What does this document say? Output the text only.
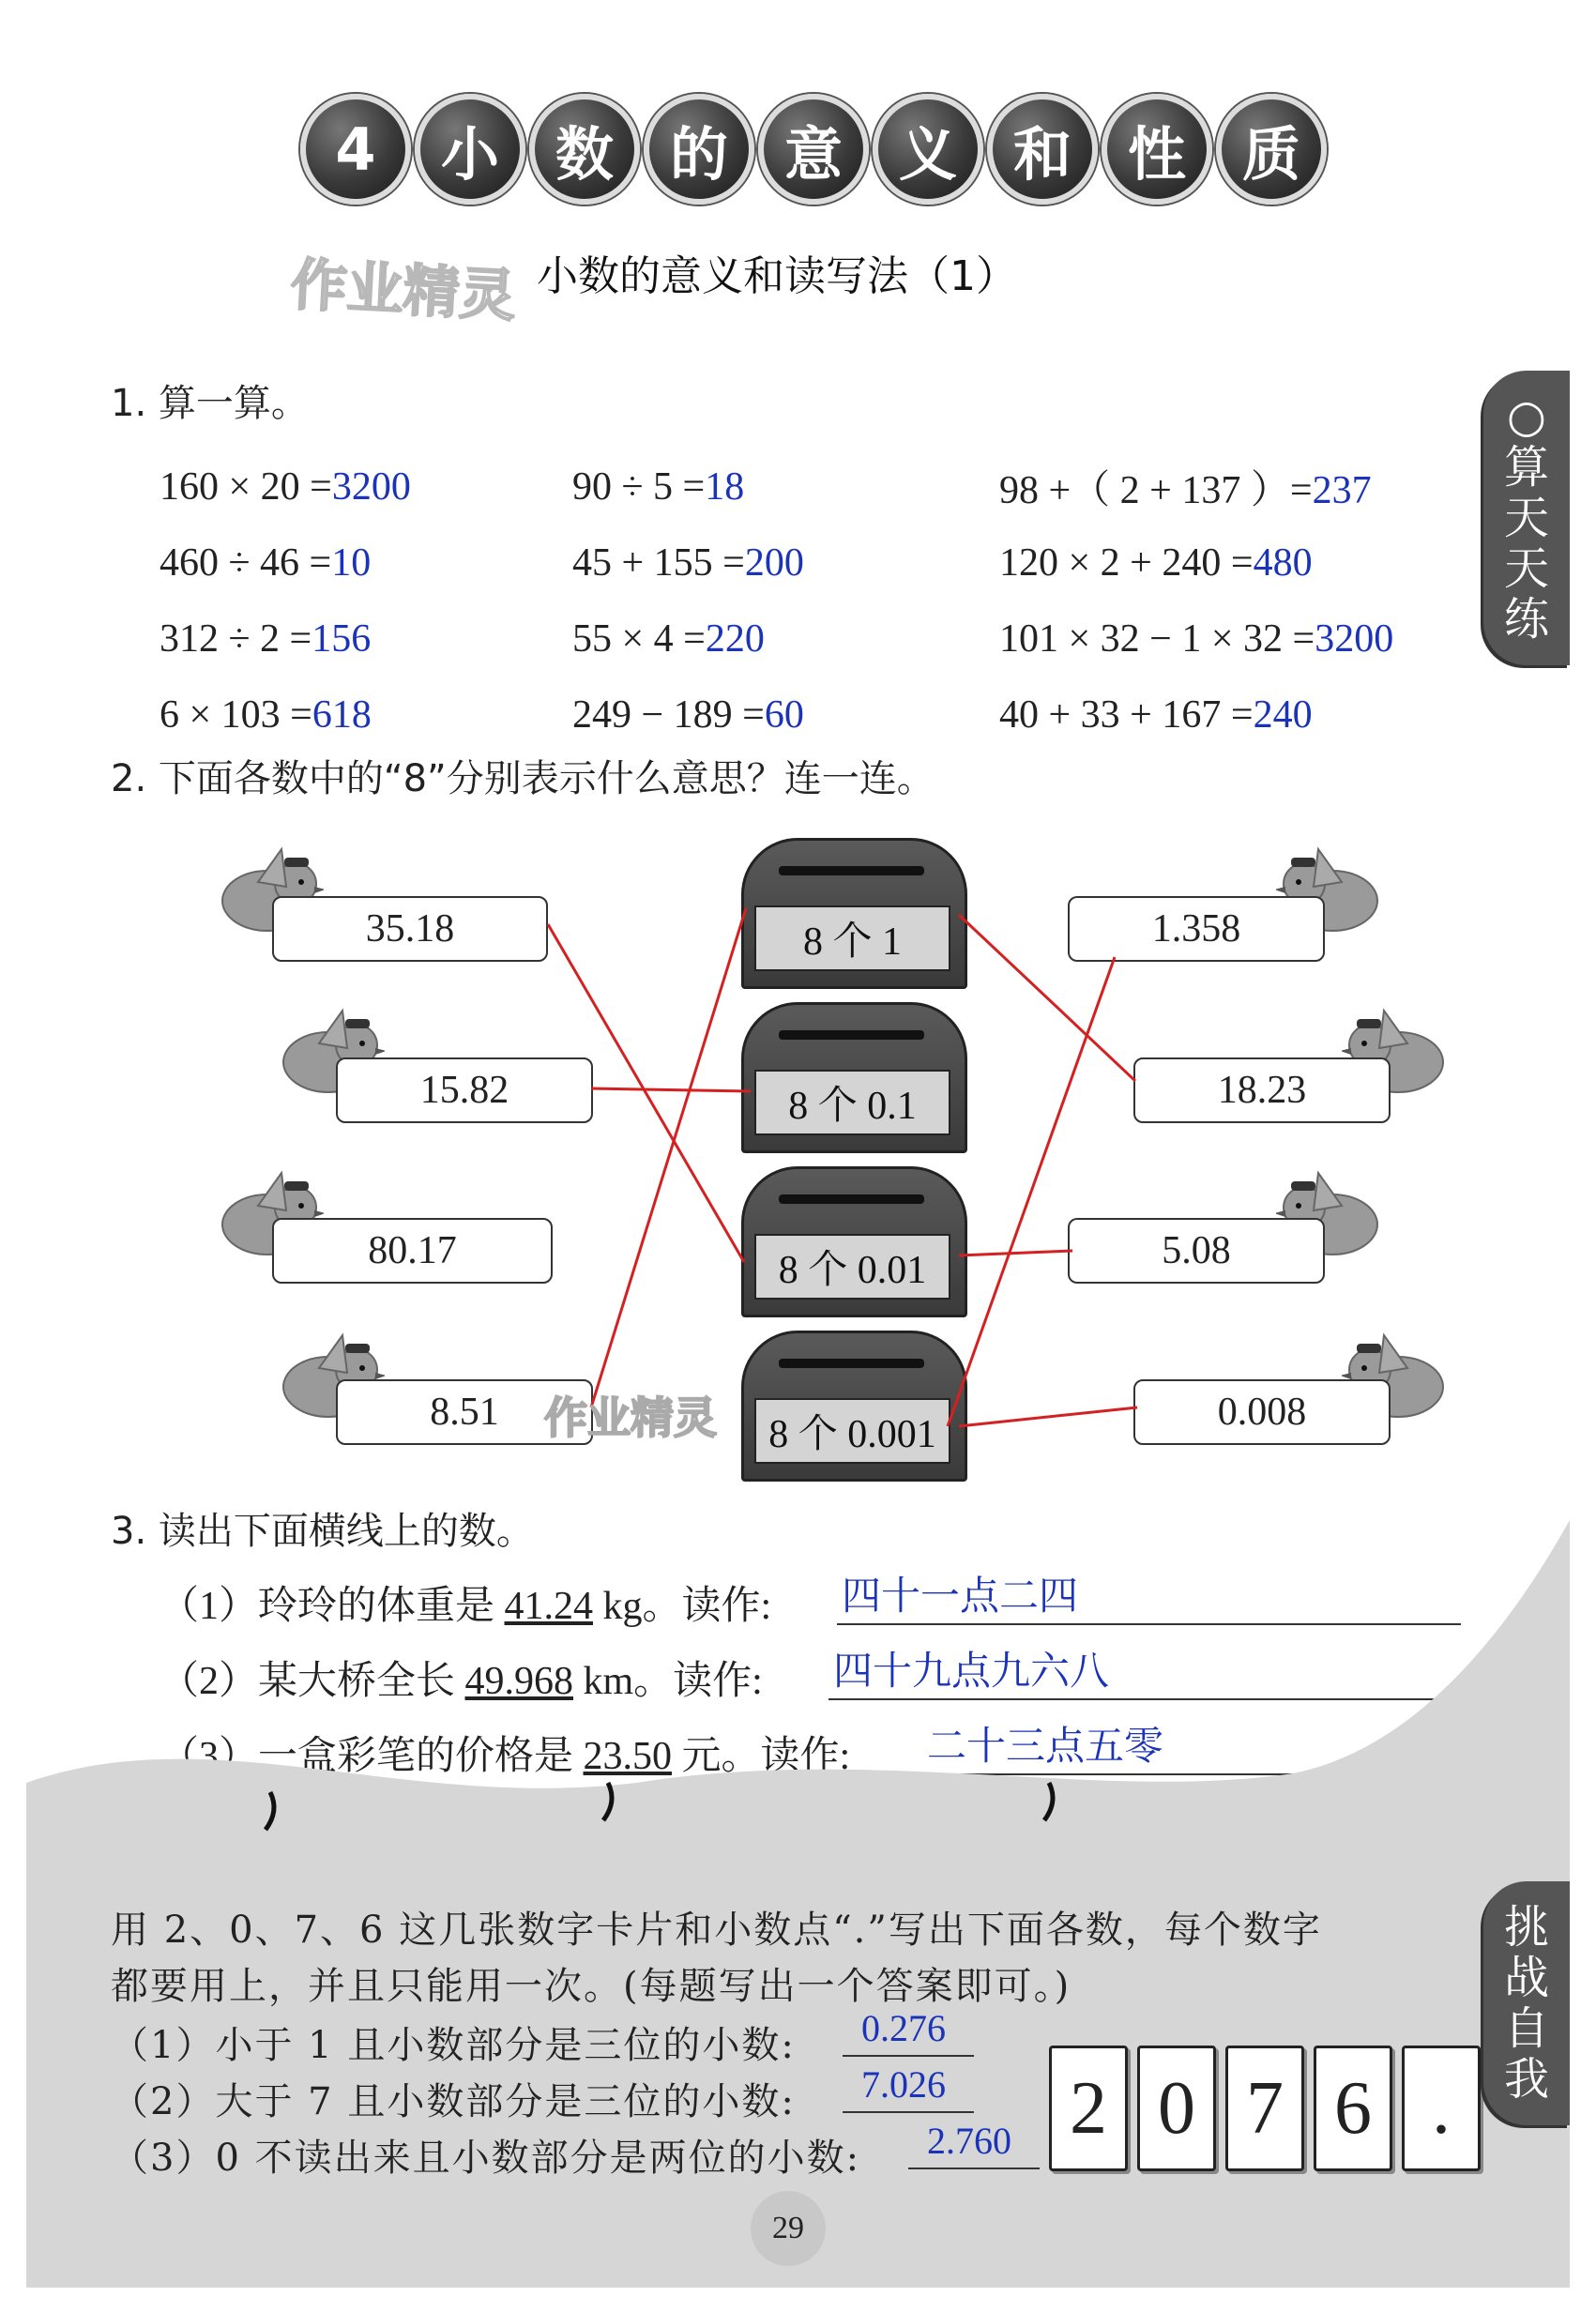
4	小 数 的 意 义 和 性 质
作业精灵 小数的意义和读写法（1）
○
算
天
天
练
挑
战
自
我
1. 算一算。
160 × 20 =3200	90 ÷ 5 =18	98 +（ 2 + 137 ）=237
460 ÷ 46 =10	45 + 155 =200	120 × 2 + 240 =480
312 ÷ 2 =156	55 × 4 =220	101 × 32 − 1 × 32 =3200
6 × 103 =618	249 − 189 =60	40 + 33 + 167 =240
2. 下面各数中的“8”分别表示什么意思？连一连。
35.18
15.82
80.17
8.51
8 个 1
8 个 0.1
8 个 0.01
8 个 0.001
1.358
18.23
5.08
0.008
作业精灵
3. 读出下面横线上的数。
（1）玲玲的体重是 41.24 kg。读作: 四十一点二四
（2）某大桥全长 49.968 km。读作: 四十九点九六八
（3）一盒彩笔的价格是 23.50 元。读作: 二十三点五零
用 2、0、7、6 这几张数字卡片和小数点“.”写出下面各数，每个数字
都要用上，并且只能用一次。(每题写出一个答案即可。)
（1）小于 1 且小数部分是三位的小数: 0.276
（2）大于 7 且小数部分是三位的小数: 7.026
（3）0 不读出来且小数部分是两位的小数: 2.760 2 0 7 6 .
29
